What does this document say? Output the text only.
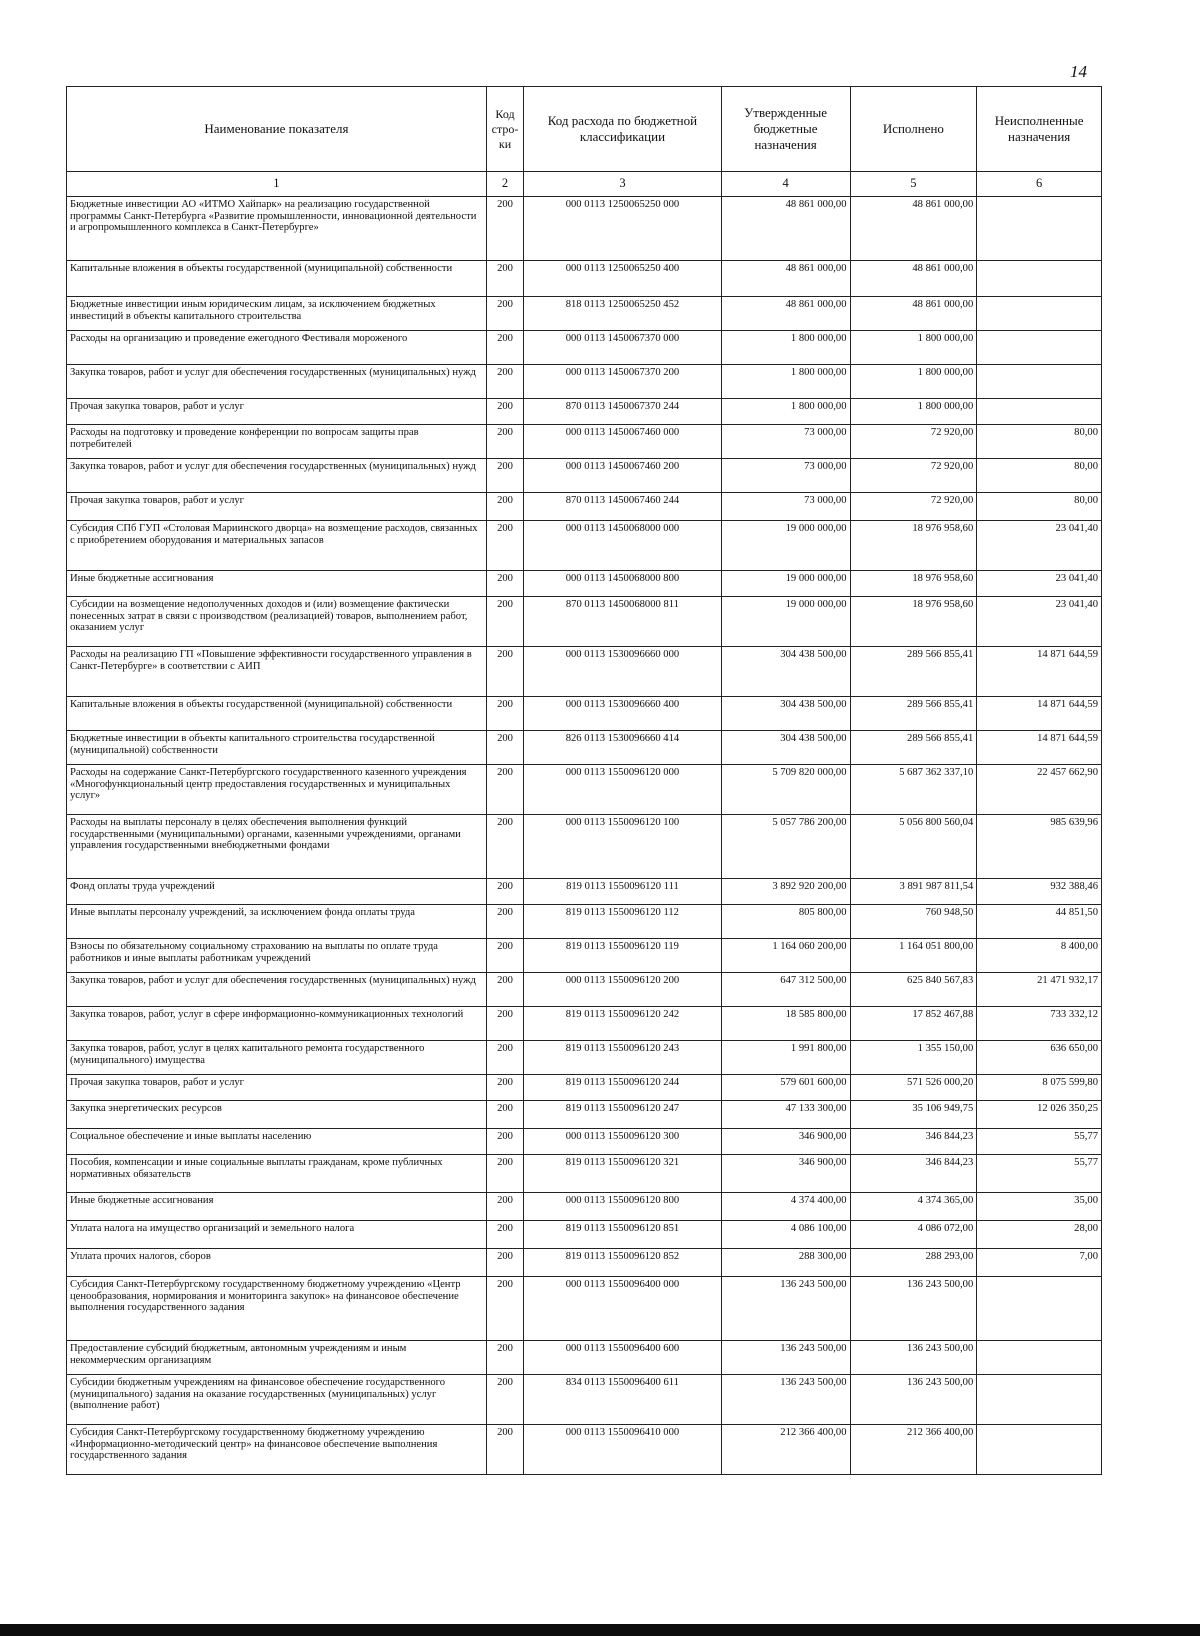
14
Наименование показателя	Код стро-ки	Код расхода по бюджетной классификации	Утвержденные бюджетные назначения	Исполнено	Неисполненные назначения
1	2	3	4	5	6
Бюджетные инвестиции АО «ИТМО Хайпарк» на реализацию государственной программы Санкт-Петербурга «Развитие промышленности, инновационной деятельности и агропромышленного комплекса в Санкт-Петербурге»	200	000 0113 1250065250 000	48 861 000,00	48 861 000,00	
Капитальные вложения в объекты государственной (муниципальной) собственности	200	000 0113 1250065250 400	48 861 000,00	48 861 000,00	
Бюджетные инвестиции иным юридическим лицам, за исключением бюджетных инвестиций в объекты капитального строительства	200	818 0113 1250065250 452	48 861 000,00	48 861 000,00	
Расходы на организацию и проведение ежегодного Фестиваля мороженого	200	000 0113 1450067370 000	1 800 000,00	1 800 000,00	
Закупка товаров, работ и услуг для обеспечения государственных (муниципальных) нужд	200	000 0113 1450067370 200	1 800 000,00	1 800 000,00	
Прочая закупка товаров, работ и услуг	200	870 0113 1450067370 244	1 800 000,00	1 800 000,00	
Расходы на подготовку и проведение конференции по вопросам защиты прав потребителей	200	000 0113 1450067460 000	73 000,00	72 920,00	80,00
Закупка товаров, работ и услуг для обеспечения государственных (муниципальных) нужд	200	000 0113 1450067460 200	73 000,00	72 920,00	80,00
Прочая закупка товаров, работ и услуг	200	870 0113 1450067460 244	73 000,00	72 920,00	80,00
Субсидия СПб ГУП «Столовая Мариинского дворца» на возмещение расходов, связанных с приобретением оборудования и материальных запасов	200	000 0113 1450068000 000	19 000 000,00	18 976 958,60	23 041,40
Иные бюджетные ассигнования	200	000 0113 1450068000 800	19 000 000,00	18 976 958,60	23 041,40
Субсидии на возмещение недополученных доходов и (или) возмещение фактически понесенных затрат в связи с производством (реализацией) товаров, выполнением работ, оказанием услуг	200	870 0113 1450068000 811	19 000 000,00	18 976 958,60	23 041,40
Расходы на реализацию ГП «Повышение эффективности государственного управления в Санкт-Петербурге» в соответствии с АИП	200	000 0113 1530096660 000	304 438 500,00	289 566 855,41	14 871 644,59
Капитальные вложения в объекты государственной (муниципальной) собственности	200	000 0113 1530096660 400	304 438 500,00	289 566 855,41	14 871 644,59
Бюджетные инвестиции в объекты капитального строительства государственной (муниципальной) собственности	200	826 0113 1530096660 414	304 438 500,00	289 566 855,41	14 871 644,59
Расходы на содержание Санкт-Петербургского государственного казенного учреждения «Многофункциональный центр предоставления государственных и муниципальных услуг»	200	000 0113 1550096120 000	5 709 820 000,00	5 687 362 337,10	22 457 662,90
Расходы на выплаты персоналу в целях обеспечения выполнения функций государственными (муниципальными) органами, казенными учреждениями, органами управления государственными внебюджетными фондами	200	000 0113 1550096120 100	5 057 786 200,00	5 056 800 560,04	985 639,96
Фонд оплаты труда учреждений	200	819 0113 1550096120 111	3 892 920 200,00	3 891 987 811,54	932 388,46
Иные выплаты персоналу учреждений, за исключением фонда оплаты труда	200	819 0113 1550096120 112	805 800,00	760 948,50	44 851,50
Взносы по обязательному социальному страхованию на выплаты по оплате труда работников и иные выплаты работникам учреждений	200	819 0113 1550096120 119	1 164 060 200,00	1 164 051 800,00	8 400,00
Закупка товаров, работ и услуг для обеспечения государственных (муниципальных) нужд	200	000 0113 1550096120 200	647 312 500,00	625 840 567,83	21 471 932,17
Закупка товаров, работ, услуг в сфере информационно-коммуникационных технологий	200	819 0113 1550096120 242	18 585 800,00	17 852 467,88	733 332,12
Закупка товаров, работ, услуг в целях капитального ремонта государственного (муниципального) имущества	200	819 0113 1550096120 243	1 991 800,00	1 355 150,00	636 650,00
Прочая закупка товаров, работ и услуг	200	819 0113 1550096120 244	579 601 600,00	571 526 000,20	8 075 599,80
Закупка энергетических ресурсов	200	819 0113 1550096120 247	47 133 300,00	35 106 949,75	12 026 350,25
Социальное обеспечение и иные выплаты населению	200	000 0113 1550096120 300	346 900,00	346 844,23	55,77
Пособия, компенсации и иные социальные выплаты гражданам, кроме публичных нормативных обязательств	200	819 0113 1550096120 321	346 900,00	346 844,23	55,77
Иные бюджетные ассигнования	200	000 0113 1550096120 800	4 374 400,00	4 374 365,00	35,00
Уплата налога на имущество организаций и земельного налога	200	819 0113 1550096120 851	4 086 100,00	4 086 072,00	28,00
Уплата прочих налогов, сборов	200	819 0113 1550096120 852	288 300,00	288 293,00	7,00
Субсидия Санкт-Петербургскому государственному бюджетному учреждению «Центр ценообразования, нормирования и мониторинга закупок» на финансовое обеспечение выполнения государственного задания	200	000 0113 1550096400 000	136 243 500,00	136 243 500,00	
Предоставление субсидий бюджетным, автономным учреждениям и иным некоммерческим организациям	200	000 0113 1550096400 600	136 243 500,00	136 243 500,00	
Субсидии бюджетным учреждениям на финансовое обеспечение государственного (муниципального) задания на оказание государственных (муниципальных) услуг (выполнение работ)	200	834 0113 1550096400 611	136 243 500,00	136 243 500,00	
Субсидия Санкт-Петербургскому государственному бюджетному учреждению «Информационно-методический центр» на финансовое обеспечение выполнения государственного задания	200	000 0113 1550096410 000	212 366 400,00	212 366 400,00	
